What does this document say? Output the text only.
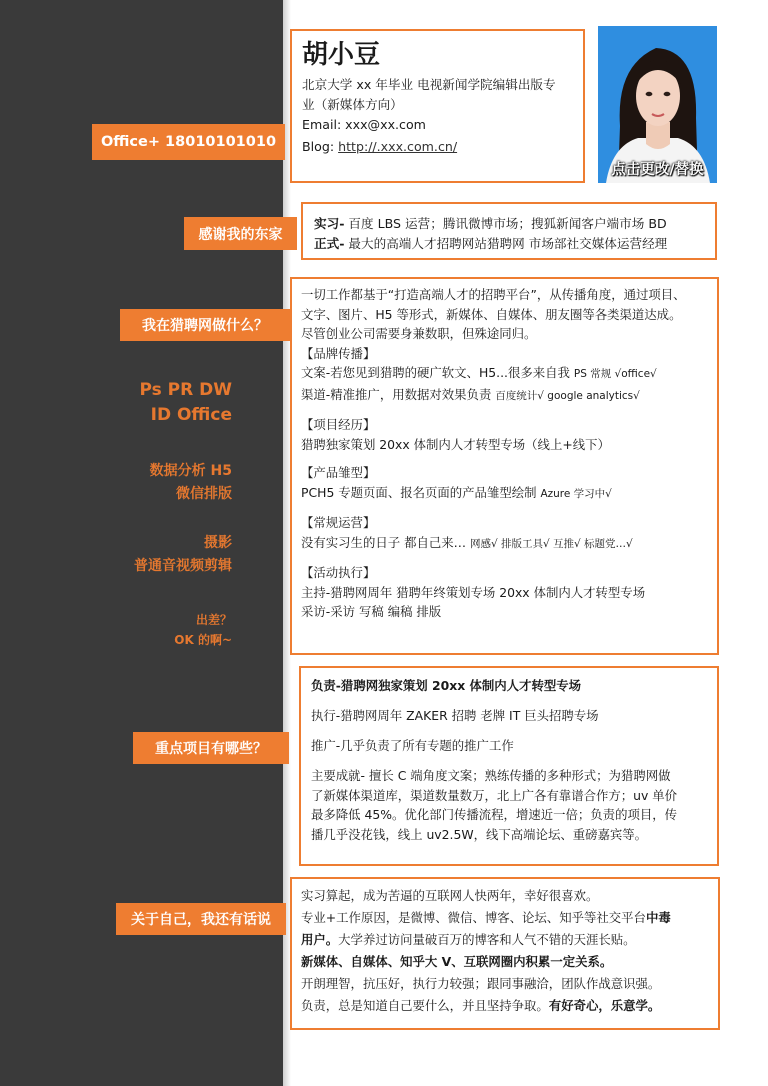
Office+ 18010101010
感谢我的东家
我在猎聘网做什么？
重点项目有哪些？
关于自己，我还有话说
Ps PR DW
ID Office
数据分析 H5
微信排版
摄影
普通音视频剪辑
出差？
OK 的啊~
胡小豆
北京大学 xx 年毕业 电视新闻学院编辑出版专
业（新媒体方向）
Email: xxx@xx.com
Blog: http://.xxx.com.cn/
点击更改/替换
实习- 百度 LBS 运营；腾讯微博市场；搜狐新闻客户端市场 BD
正式- 最大的高端人才招聘网站猎聘网 市场部社交媒体运营经理
一切工作都基于“打造高端人才的招聘平台”，从传播角度，通过项目、
文字、图片、H5 等形式，新媒体、自媒体、朋友圈等各类渠道达成。
尽管创业公司需要身兼数职，但殊途同归。
【品牌传播】
文案-若您见到猎聘的硬广软文、H5...很多来自我 PS 常规 √office√
渠道-精准推广，用数据对效果负责 百度统计√ google analytics√
【项目经历】
猎聘独家策划 20xx 体制内人才转型专场（线上+线下）
【产品雏型】
PCH5 专题页面、报名页面的产品雏型绘制 Azure 学习中√
【常规运营】
没有实习生的日子 都自己来… 网感√ 排版工具√ 互推√ 标题党…√
【活动执行】
主持-猎聘网周年 猎聘年终策划专场 20xx 体制内人才转型专场
采访-采访 写稿 编稿 排版
负责-猎聘网独家策划 20xx 体制内人才转型专场
执行-猎聘网周年 ZAKER 招聘 老牌 IT 巨头招聘专场
推广-几乎负责了所有专题的推广工作
主要成就- 擅长 C 端角度文案；熟练传播的多种形式；为猎聘网做
了新媒体渠道库，渠道数量数万，北上广各有靠谱合作方；uv 单价
最多降低 45%。优化部门传播流程，增速近一倍；负责的项目，传
播几乎没花钱，线上 uv2.5W，线下高端论坛、重磅嘉宾等。
实习算起，成为苦逼的互联网人快两年，幸好很喜欢。
专业+工作原因，是微博、微信、博客、论坛、知乎等社交平台中毒
用户。大学养过访问量破百万的博客和人气不错的天涯长贴。
新媒体、自媒体、知乎大 V、互联网圈内积累一定关系。
开朗理智，抗压好，执行力较强；跟同事融洽，团队作战意识强。
负责，总是知道自己要什么，并且坚持争取。有好奇心，乐意学。
